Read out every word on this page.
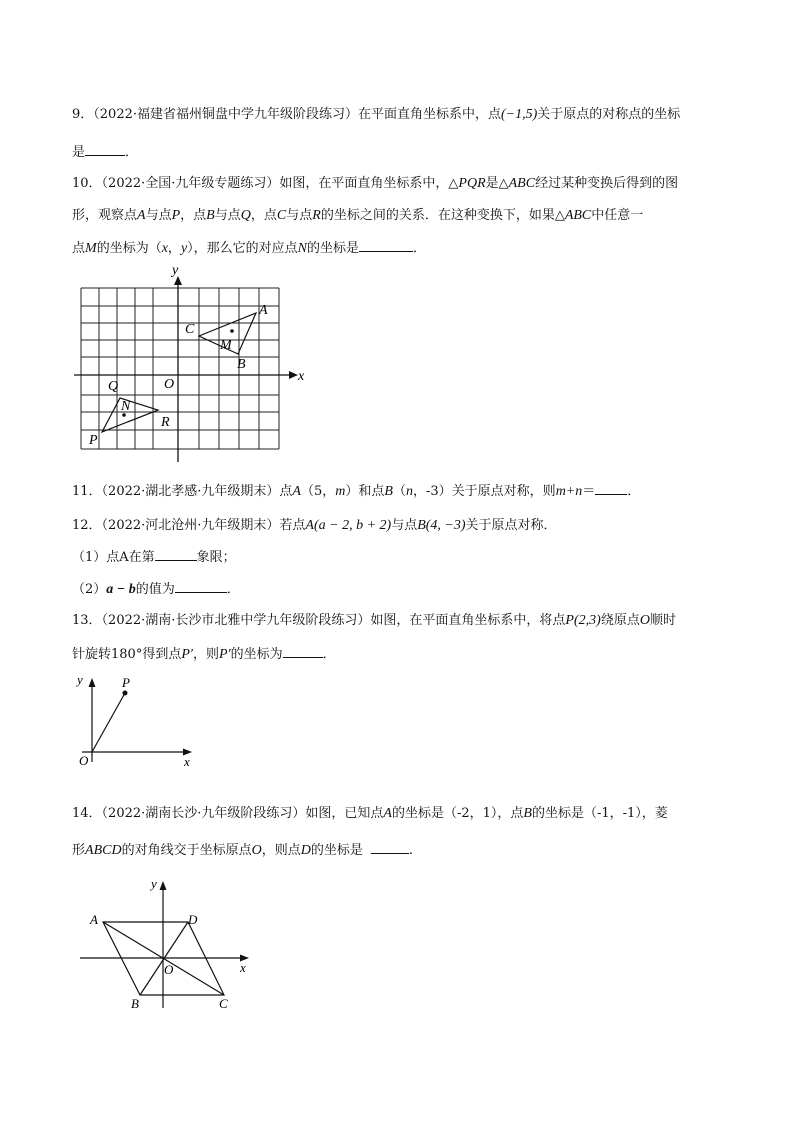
9．（2022·福建省福州铜盘中学九年级阶段练习）在平面直角坐标系中，点(−1,5)关于原点的对称点的坐标
是	．
10．（2022·全国·九年级专题练习）如图，在平面直角坐标系中，△PQR是△ABC经过某种变换后得到的图
形，观察点A与点P，点B与点Q，点C与点R的坐标之间的关系．在这种变换下，如果△ABC中任意一
点M的坐标为（x，y），那么它的对应点N的坐标是	．
x
y
O
A
C
M
B
Q
N
R
P
11．（2022·湖北孝感·九年级期末）点A（5，m）和点B（n，-3）关于原点对称，则m+n＝ ．
12．（2022·河北沧州·九年级期末）若点A(a − 2, b + 2)与点B(4, −3)关于原点对称．
（1）点A在第	象限；
（2）a − b的值为	．
13．（2022·湖南·长沙市北雅中学九年级阶段练习）如图，在平面直角坐标系中，将点P(2,3)绕原点O顺时
针旋转180°得到点P′，则P′的坐标为	．
P
y
x
O
14．（2022·湖南长沙·九年级阶段练习）如图，已知点A的坐标是（-2，1），点B的坐标是（-1，-1），菱
形ABCD的对角线交于坐标原点O，则点D的坐标是	.
y
x
A	D
O
B	C
